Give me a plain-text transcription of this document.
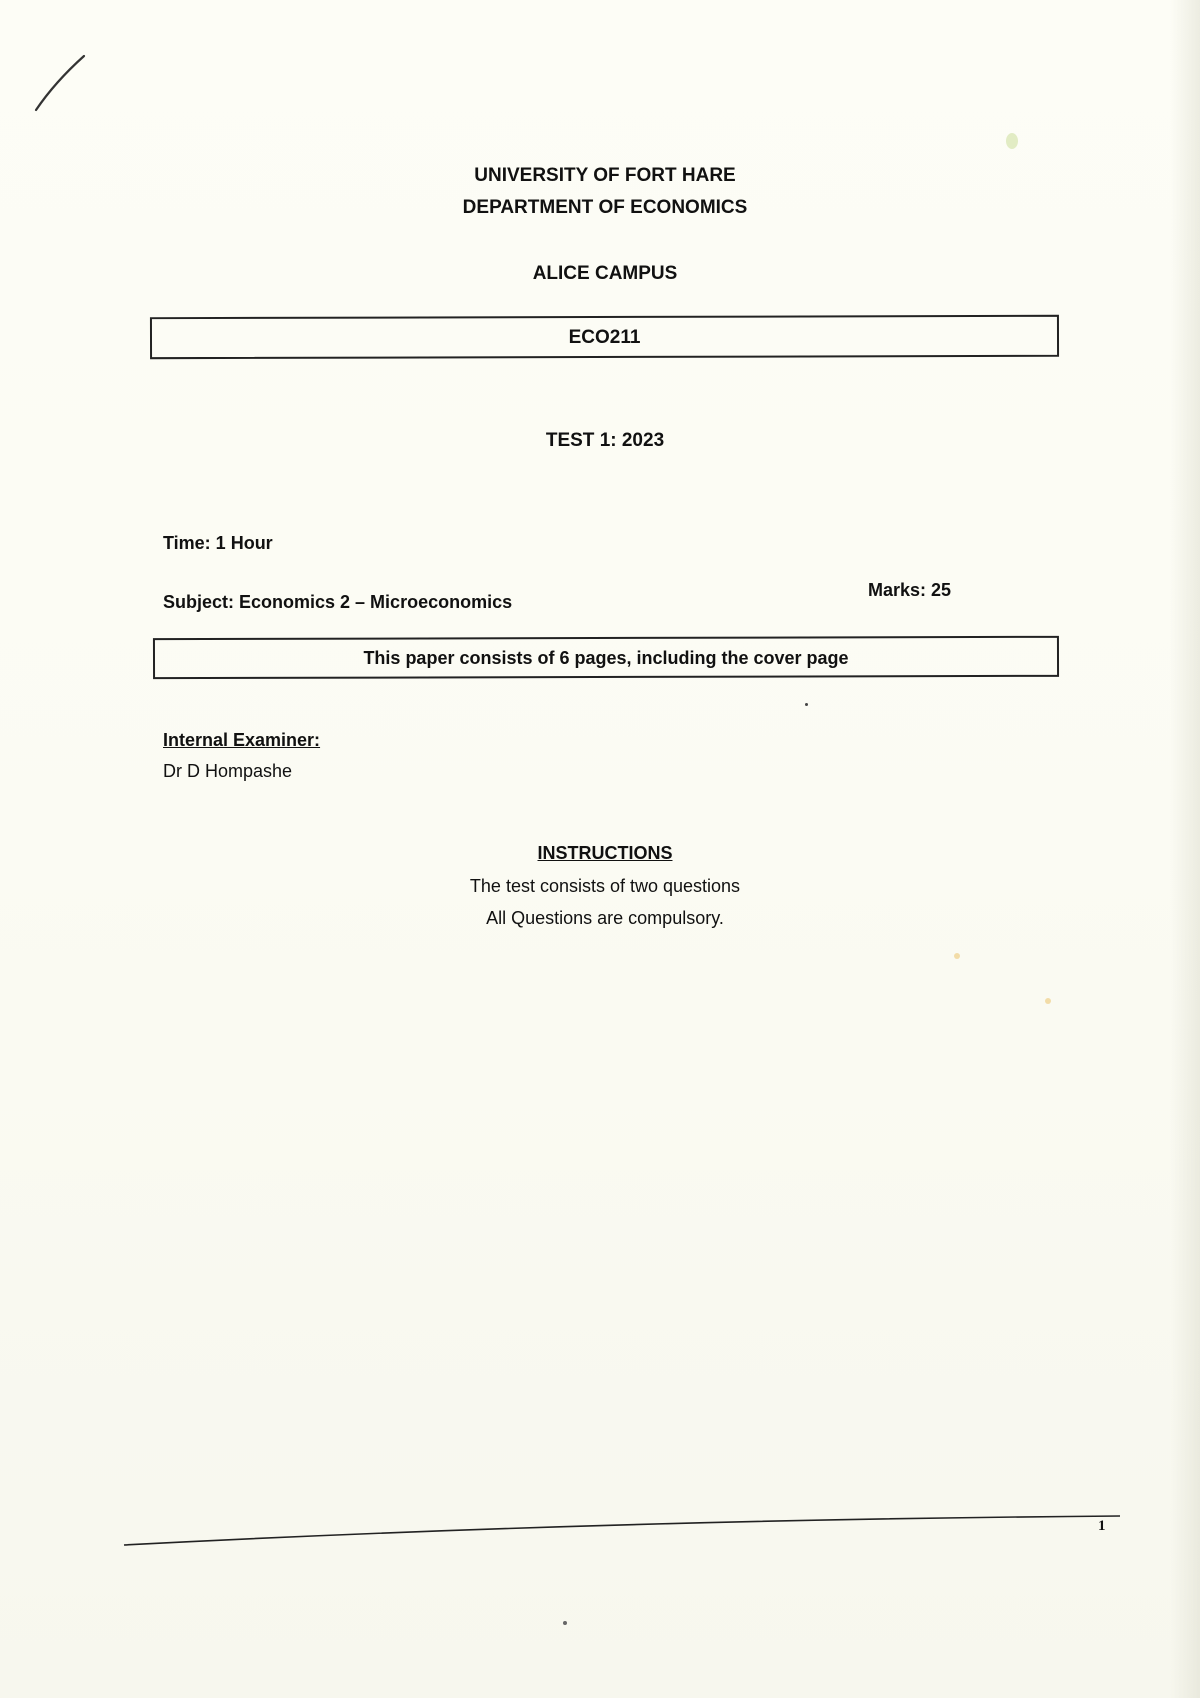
UNIVERSITY OF FORT HARE
DEPARTMENT OF ECONOMICS
ALICE CAMPUS
ECO211
TEST 1: 2023
Time: 1 Hour
Subject: Economics 2 – Microeconomics
Marks: 25
This paper consists of 6 pages, including the cover page
Internal Examiner:
Dr D Hompashe
INSTRUCTIONS
The test consists of two questions
All Questions are compulsory.
1
